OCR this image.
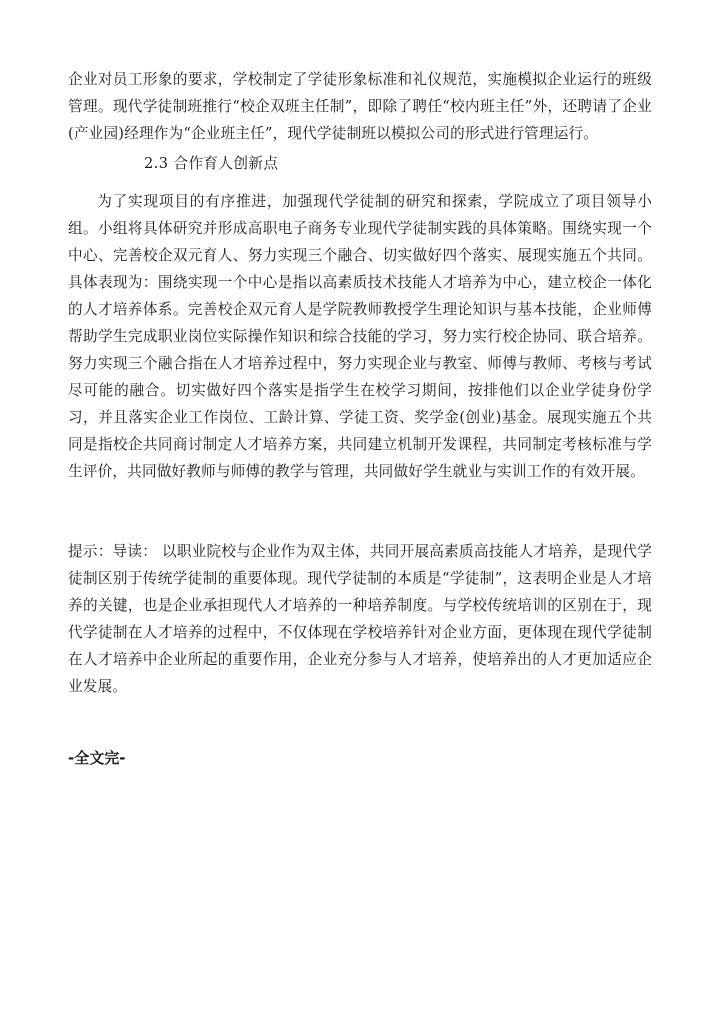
企业对员工形象的要求，学校制定了学徒形象标准和礼仪规范，实施模拟企业运行的班级管理。现代学徒制班推行“校企双班主任制”，即除了聘任“校内班主任”外，还聘请了企业(产业园)经理作为“企业班主任”，现代学徒制班以模拟公司的形式进行管理运行。

2.3 合作育人创新点

为了实现项目的有序推进，加强现代学徒制的研究和探索，学院成立了项目领导小组。小组将具体研究并形成高职电子商务专业现代学徒制实践的具体策略。围绕实现一个中心、完善校企双元育人、努力实现三个融合、切实做好四个落实、展现实施五个共同。具体表现为：围绕实现一个中心是指以高素质技术技能人才培养为中心，建立校企一体化的人才培养体系。完善校企双元育人是学院教师教授学生理论知识与基本技能，企业师傅帮助学生完成职业岗位实际操作知识和综合技能的学习，努力实行校企协同、联合培养。努力实现三个融合指在人才培养过程中，努力实现企业与教室、师傅与教师、考核与考试尽可能的融合。切实做好四个落实是指学生在校学习期间，按排他们以企业学徒身份学习，并且落实企业工作岗位、工龄计算、学徒工资、奖学金(创业)基金。展现实施五个共同是指校企共同商讨制定人才培养方案，共同建立机制开发课程，共同制定考核标准与学生评价，共同做好教师与师傅的教学与管理，共同做好学生就业与实训工作的有效开展。

提示：导读： 以职业院校与企业作为双主体，共同开展高素质高技能人才培养，是现代学徒制区别于传统学徒制的重要体现。现代学徒制的本质是“学徒制”，这表明企业是人才培养的关键，也是企业承担现代人才培养的一种培养制度。与学校传统培训的区别在于，现代学徒制在人才培养的过程中，不仅体现在学校培养针对企业方面，更体现在现代学徒制在人才培养中企业所起的重要作用，企业充分参与人才培养，使培养出的人才更加适应企业发展。

-全文完-
